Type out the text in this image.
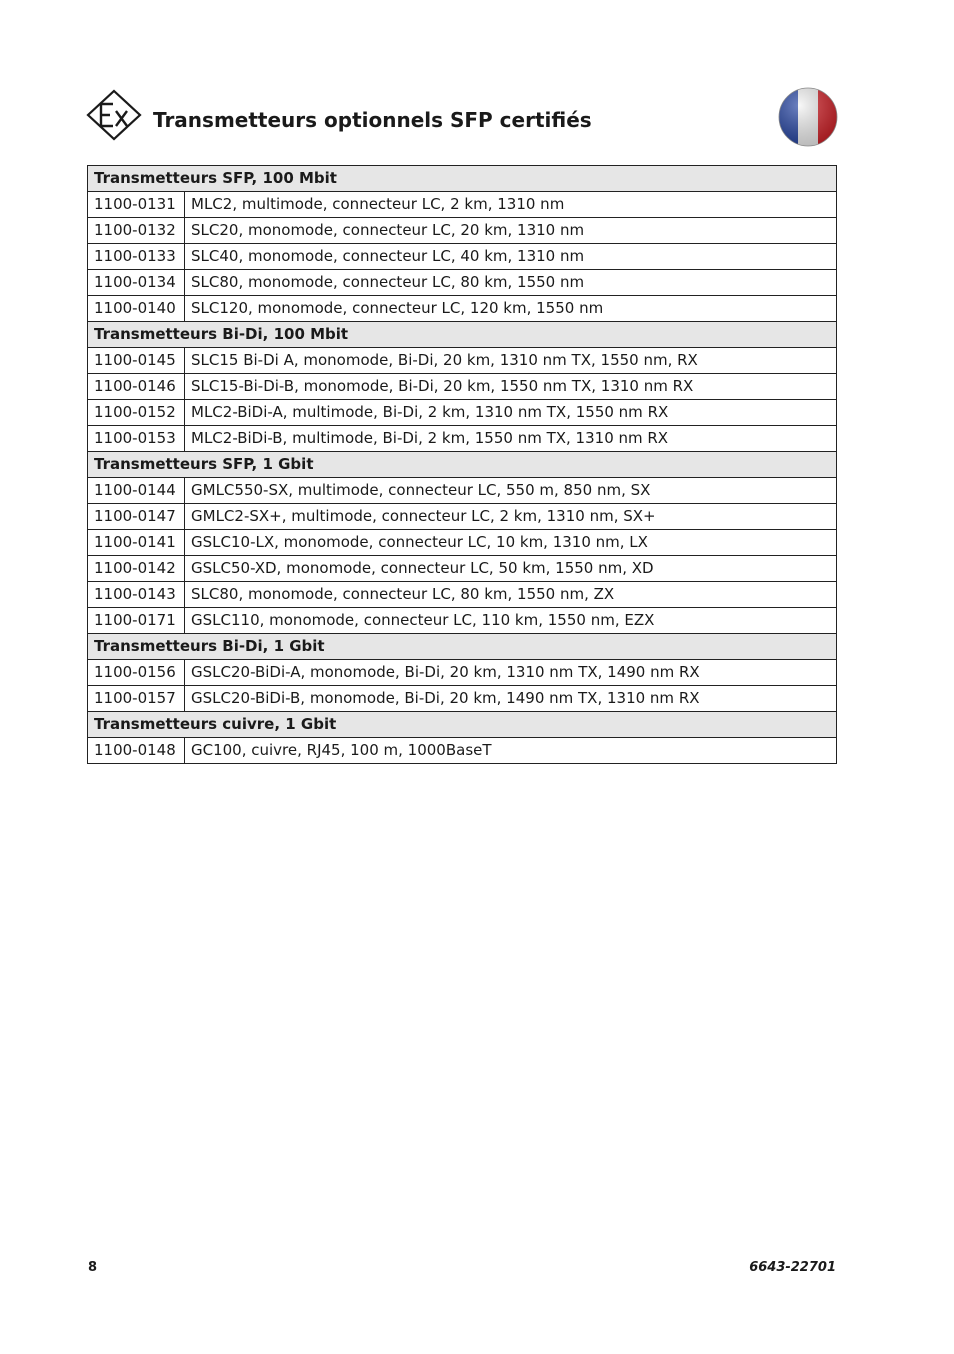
Transmetteurs optionnels SFP certifiés
Transmetteurs SFP, 100 Mbit	
1100-0131	MLC2, multimode, connecteur LC, 2 km, 1310 nm
1100-0132	SLC20, monomode, connecteur LC, 20 km, 1310 nm
1100-0133	SLC40, monomode, connecteur LC, 40 km, 1310 nm
1100-0134	SLC80, monomode, connecteur LC, 80 km, 1550 nm
1100-0140	SLC120, monomode, connecteur LC, 120 km, 1550 nm
Transmetteurs Bi-Di, 100 Mbit	
1100-0145	SLC15 Bi-Di A, monomode, Bi-Di, 20 km, 1310 nm TX, 1550 nm, RX
1100-0146	SLC15-Bi-Di-B, monomode, Bi-Di, 20 km, 1550 nm TX, 1310 nm RX
1100-0152	MLC2-BiDi-A, multimode, Bi-Di, 2 km, 1310 nm TX, 1550 nm RX
1100-0153	MLC2-BiDi-B, multimode, Bi-Di, 2 km, 1550 nm TX, 1310 nm RX
Transmetteurs SFP, 1 Gbit	
1100-0144	GMLC550-SX, multimode, connecteur LC, 550 m, 850 nm, SX
1100-0147	GMLC2-SX+, multimode, connecteur LC, 2 km, 1310 nm, SX+
1100-0141	GSLC10-LX, monomode, connecteur LC, 10 km, 1310 nm, LX
1100-0142	GSLC50-XD, monomode, connecteur LC, 50 km, 1550 nm, XD
1100-0143	SLC80, monomode, connecteur LC, 80 km, 1550 nm, ZX
1100-0171	GSLC110, monomode, connecteur LC, 110 km, 1550 nm, EZX
Transmetteurs Bi-Di, 1 Gbit	
1100-0156	GSLC20-BiDi-A, monomode, Bi-Di, 20 km, 1310 nm TX, 1490 nm RX
1100-0157	GSLC20-BiDi-B, monomode, Bi-Di, 20 km, 1490 nm TX, 1310 nm RX
Transmetteurs cuivre, 1 Gbit	
1100-0148	GC100, cuivre, RJ45, 100 m, 1000BaseT
8	6643-22701
